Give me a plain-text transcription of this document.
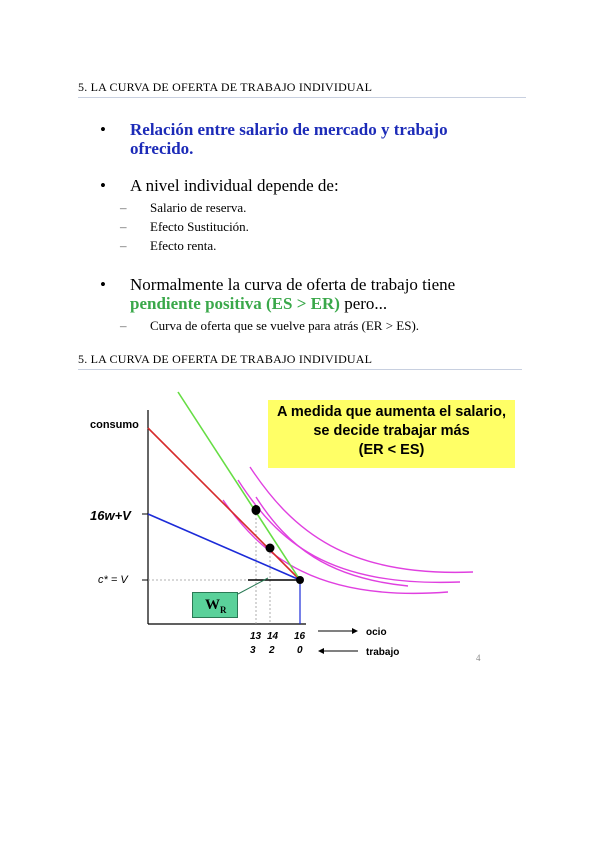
5. LA CURVA DE OFERTA DE TRABAJO INDIVIDUAL
• Relación entre salario de mercado y trabajo
ofrecido.
• A nivel individual depende de:
– Salario de reserva.
– Efecto Sustitución.
– Efecto renta.
• Normalmente la curva de oferta de trabajo tiene
pendiente positiva (ES > ER) pero...
– Curva de oferta que se vuelve para atrás (ER > ES).
5. LA CURVA DE OFERTA DE TRABAJO INDIVIDUAL
consumo
16w+V
c* = V
13 14 16
3 2 0
ocio
trabajo
A medida que aumenta el salario,
se decide trabajar más
(ER < ES)
$W_R$
4
